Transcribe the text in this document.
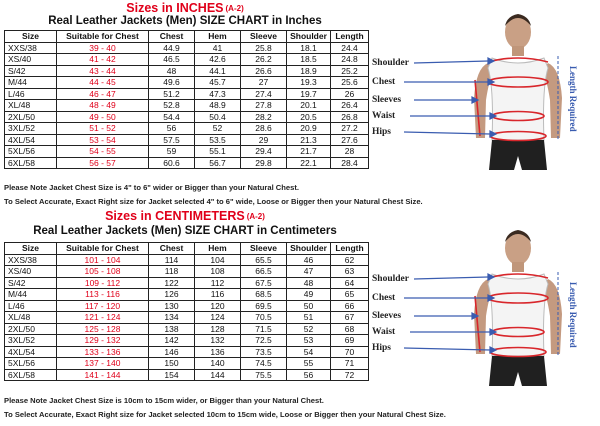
Sizes in INCHES (A-2)
Real Leather Jackets (Men) SIZE CHART in Inches
Size	Suitable for Chest	Chest	Hem	Sleeve	Shoulder	Length
XXS/38	39 - 40	44.9	41	25.8	18.1	24.4
XS/40	41 - 42	46.5	42.6	26.2	18.5	24.8
S/42	43 - 44	48	44.1	26.6	18.9	25.2
M/44	44 - 45	49.6	45.7	27	19.3	25.6
L/46	46 - 47	51.2	47.3	27.4	19.7	26
XL/48	48 - 49	52.8	48.9	27.8	20.1	26.4
2XL/50	49 - 50	54.4	50.4	28.2	20.5	26.8
3XL/52	51 - 52	56	52	28.6	20.9	27.2
4XL/54	53 - 54	57.5	53.5	29	21.3	27.6
5XL/56	54 - 55	59	55.1	29.4	21.7	28
6XL/58	56 - 57	60.6	56.7	29.8	22.1	28.4
Please Note Jacket Chest Size is 4" to 6" wider or Bigger than your Natural Chest.
To Select Accurate, Exact Right size for Jacket selected 4" to 6" wide, Loose or Bigger then your Natural Chest Size.
Shoulder
Chest
Sleeves
Waist
Hips
Length Required
Sizes in CENTIMETERS (A-2)
Real Leather Jackets (Men) SIZE CHART in Centimeters
Size	Suitable for Chest	Chest	Hem	Sleeve	Shoulder	Length
XXS/38	101 - 104	114	104	65.5	46	62
XS/40	105 - 108	118	108	66.5	47	63
S/42	109 - 112	122	112	67.5	48	64
M/44	113 - 116	126	116	68.5	49	65
L/46	117 - 120	130	120	69.5	50	66
XL/48	121 - 124	134	124	70.5	51	67
2XL/50	125 - 128	138	128	71.5	52	68
3XL/52	129 - 132	142	132	72.5	53	69
4XL/54	133 - 136	146	136	73.5	54	70
5XL/56	137 - 140	150	140	74.5	55	71
6XL/58	141 - 144	154	144	75.5	56	72
Please Note Jacket Chest Size is 10cm to 15cm wider, or Bigger than your Natural Chest.
To Select Accurate, Exact Right size for Jacket selected 10cm to 15cm wide, Loose or Bigger then your Natural Chest Size.
Shoulder
Chest
Sleeves
Waist
Hips
Length Required
